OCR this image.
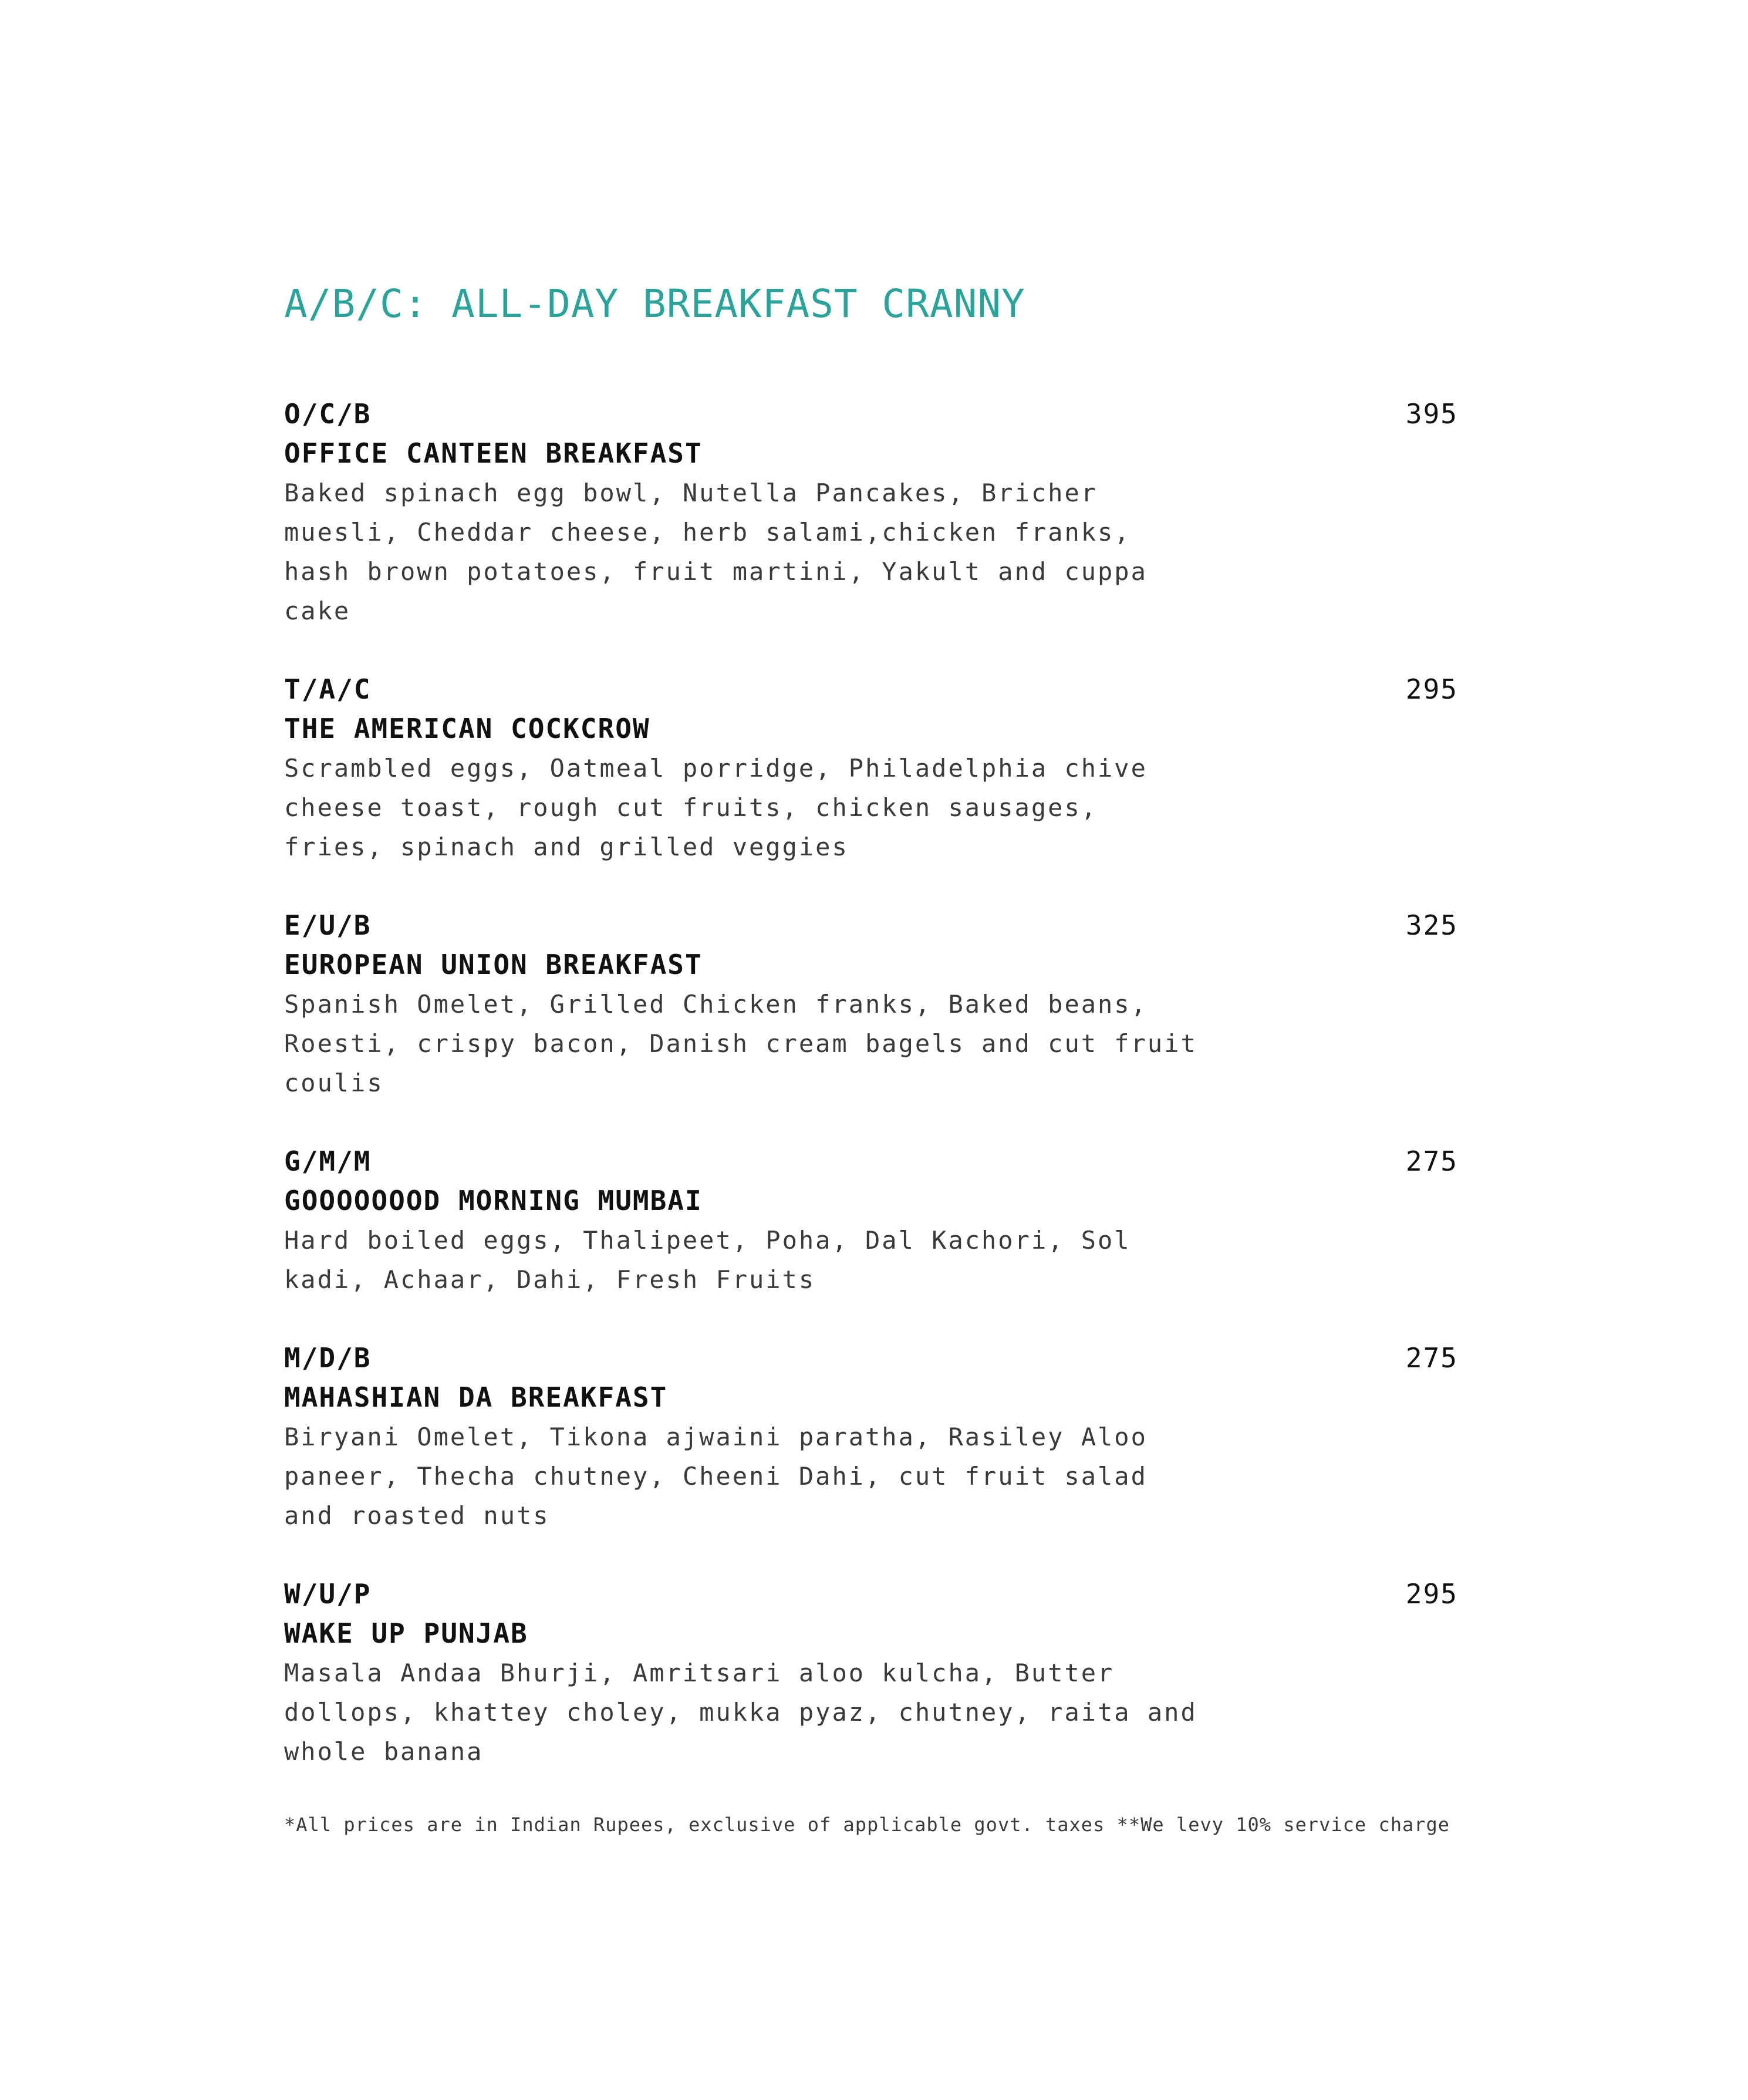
A/B/C: ALL-DAY BREAKFAST CRANNY
O/C/B	395
OFFICE CANTEEN BREAKFAST
Baked spinach egg bowl, Nutella Pancakes, Bricher muesli, Cheddar cheese, herb salami,chicken franks, hash brown potatoes, fruit martini, Yakult and cuppa cake
T/A/C	295
THE AMERICAN COCKCROW
Scrambled eggs, Oatmeal porridge, Philadelphia chive cheese toast, rough cut fruits, chicken sausages, fries, spinach and grilled veggies
E/U/B	325
EUROPEAN UNION BREAKFAST
Spanish Omelet, Grilled Chicken franks, Baked beans, Roesti, crispy bacon, Danish cream bagels and cut fruit coulis
G/M/M	275
GOOOOOOOD MORNING MUMBAI
Hard boiled eggs, Thalipeet, Poha, Dal Kachori, Sol kadi, Achaar, Dahi, Fresh Fruits
M/D/B	275
MAHASHIAN DA BREAKFAST
Biryani Omelet, Tikona ajwaini paratha, Rasiley Aloo paneer, Thecha chutney, Cheeni Dahi, cut fruit salad and roasted nuts
W/U/P	295
WAKE UP PUNJAB
Masala Andaa Bhurji, Amritsari aloo kulcha, Butter dollops, khattey choley, mukka pyaz, chutney, raita and whole banana
*All prices are in Indian Rupees, exclusive of applicable govt. taxes **We levy 10% service charge
